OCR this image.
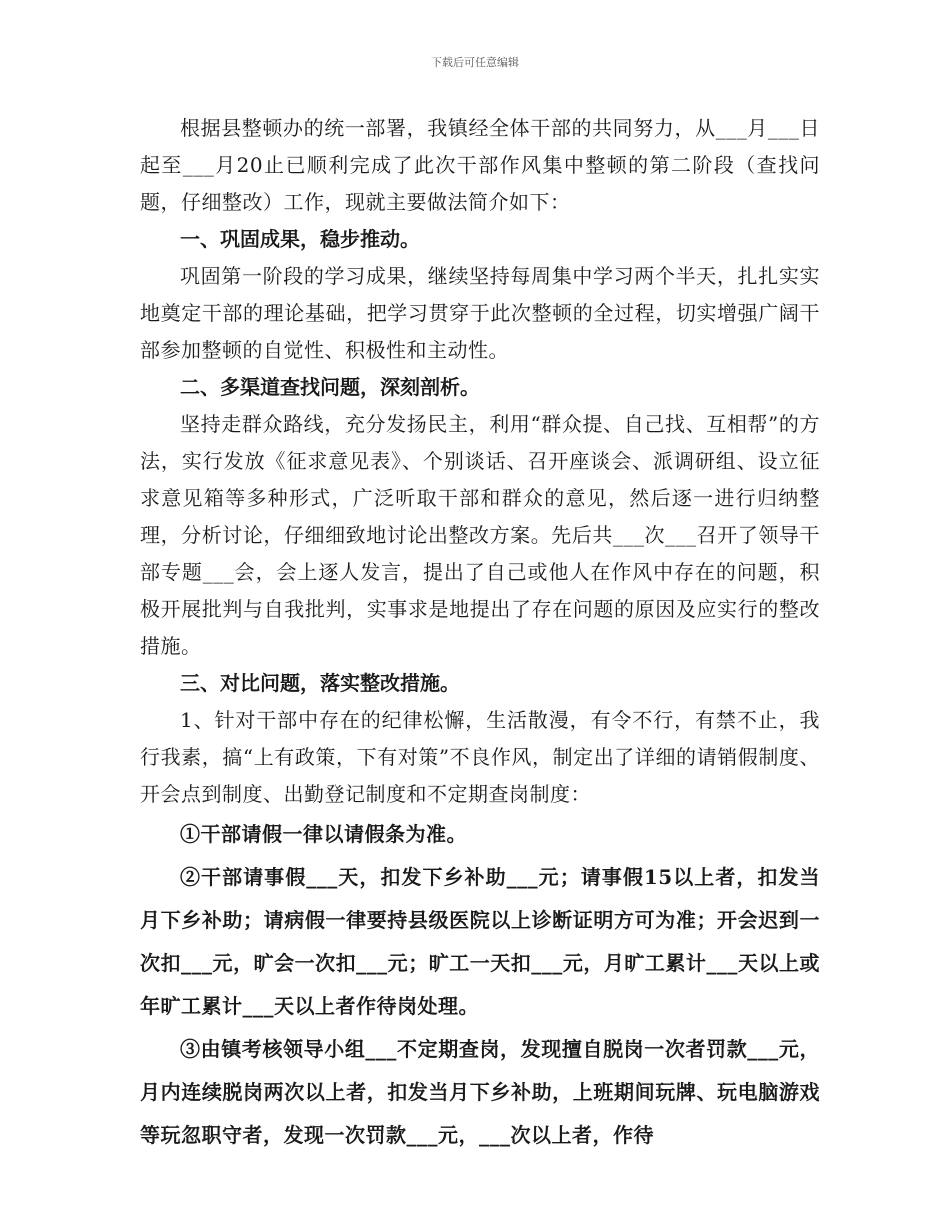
下载后可任意编辑

根据县整顿办的统一部署，我镇经全体干部的共同努力，从___月___日起至___月20止已顺利完成了此次干部作风集中整顿的第二阶段（查找问题，仔细整改）工作，现就主要做法简介如下：

一、巩固成果，稳步推动。

巩固第一阶段的学习成果，继续坚持每周集中学习两个半天，扎扎实实地奠定干部的理论基础，把学习贯穿于此次整顿的全过程，切实增强广阔干部参加整顿的自觉性、积极性和主动性。

二、多渠道查找问题，深刻剖析。

坚持走群众路线，充分发扬民主，利用“群众提、自己找、互相帮”的方法，实行发放《征求意见表》、个别谈话、召开座谈会、派调研组、设立征求意见箱等多种形式，广泛听取干部和群众的意见，然后逐一进行归纳整理，分析讨论，仔细细致地讨论出整改方案。先后共___次___召开了领导干部专题___会，会上逐人发言，提出了自己或他人在作风中存在的问题，积极开展批判与自我批判，实事求是地提出了存在问题的原因及应实行的整改措施。

三、对比问题，落实整改措施。

1、针对干部中存在的纪律松懈，生活散漫，有令不行，有禁不止，我行我素，搞“上有政策，下有对策”不良作风，制定出了详细的请销假制度、开会点到制度、出勤登记制度和不定期查岗制度：

①干部请假一律以请假条为准。

②干部请事假___天，扣发下乡补助___元；请事假15以上者，扣发当月下乡补助；请病假一律要持县级医院以上诊断证明方可为准；开会迟到一次扣___元，旷会一次扣___元；旷工一天扣___元，月旷工累计___天以上或年旷工累计___天以上者作待岗处理。

③由镇考核领导小组___不定期查岗，发现擅自脱岗一次者罚款___元，月内连续脱岗两次以上者，扣发当月下乡补助，上班期间玩牌、玩电脑游戏等玩忽职守者，发现一次罚款___元，___次以上者，作待
